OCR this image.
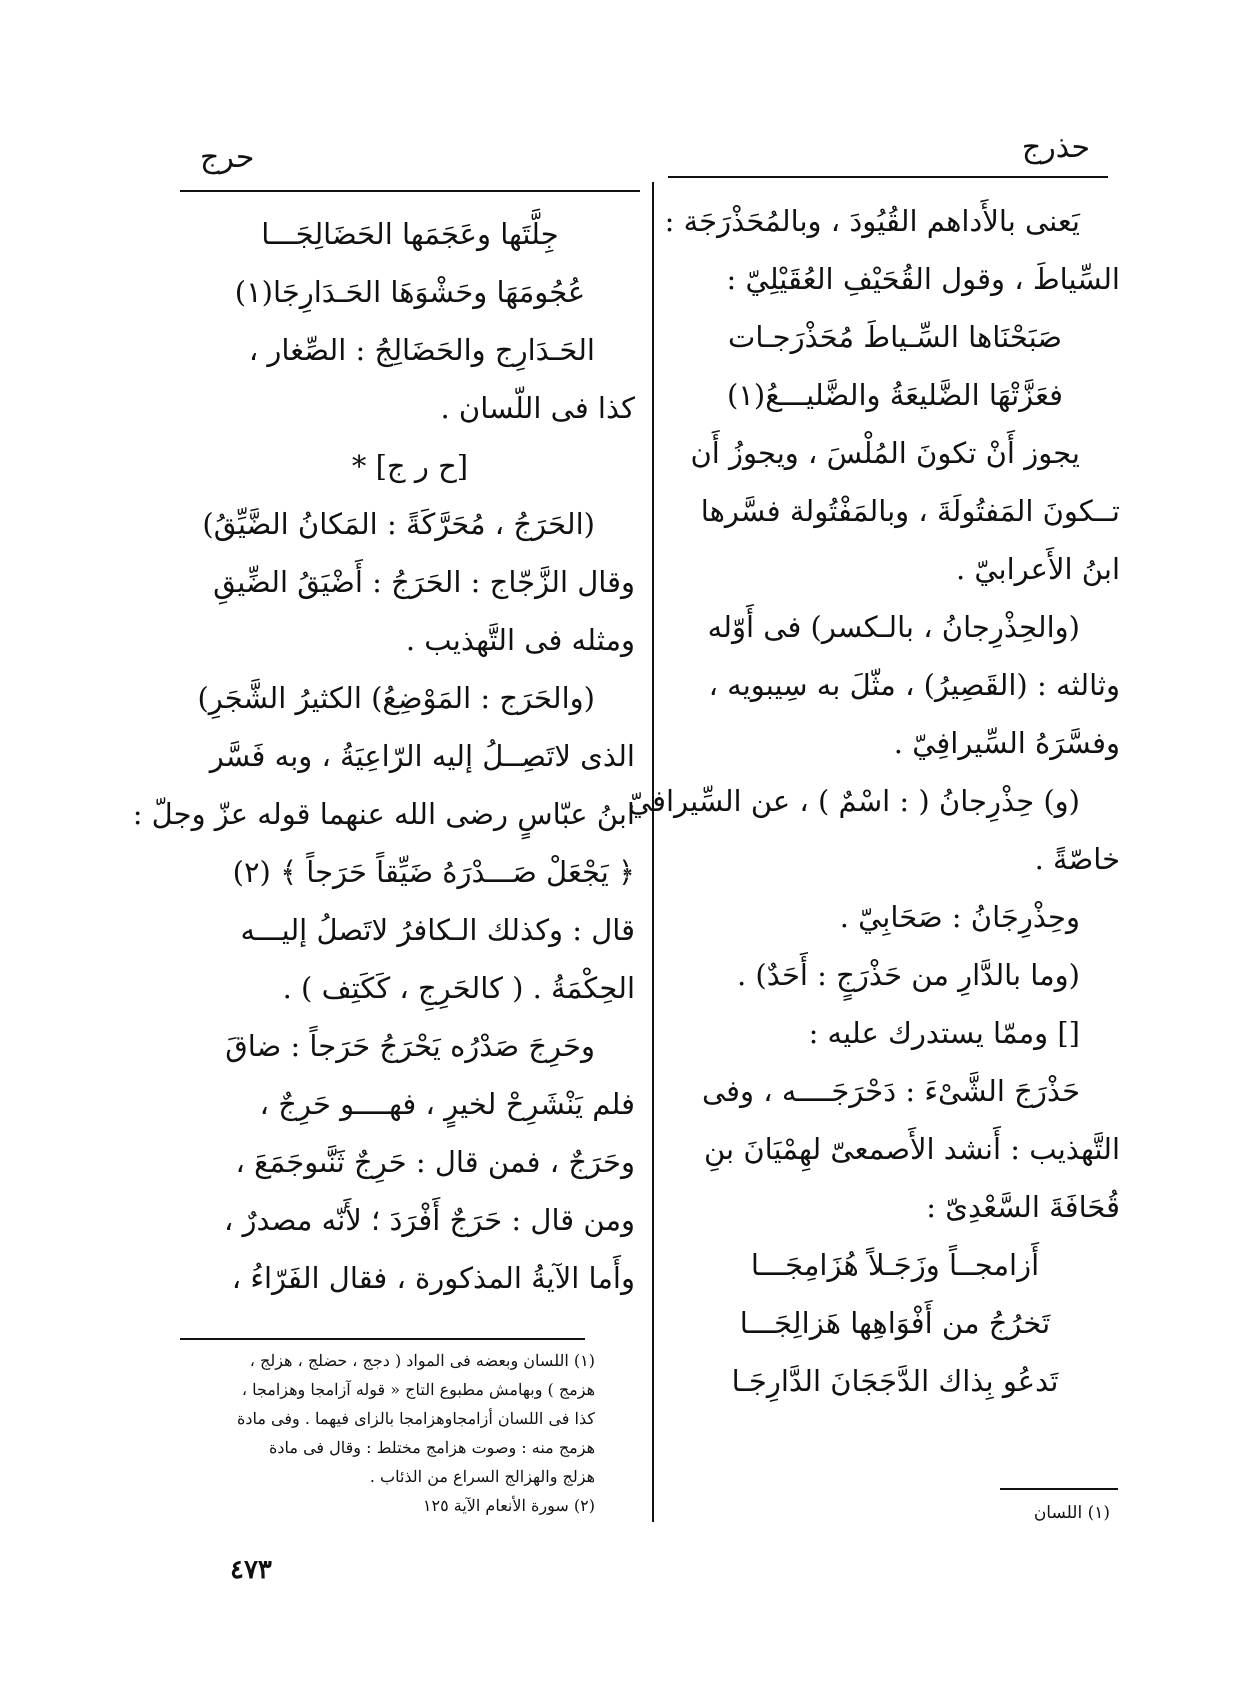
حذرج
حرج

يَعنى بالأَداهم القُيُودَ ، وبالمُحَذْرَجَة :

السِّياطَ ، وقول القُحَيْفِ العُقَيْلِيّ :

صَبَحْنَاها السِّـياطَ مُحَذْرَجـات

فعَزَّتْهَا الضَّليعَةُ والضَّليـــعُ(١)

يجوز أَنْ تكونَ المُلْسَ ، ويجوزُ أَن

تــكونَ المَفتُولَةَ ، وبالمَفْتُولة فسَّرها

ابنُ الأَعرابيّ .

(والحِذْرِجانُ ، بالـكسر) فى أَوّله

وثالثه : (القَصِيرُ) ، مثّلَ به سِيبويه ،

وفسَّرَهُ السِّيرافِيّ .

(و) حِذْرِجانُ ( : اسْمٌ ) ، عن السِّيرافيّ

خاصّةً .

وحِذْرِجَانُ : صَحَابِيّ .

(وما بالدَّارِ من حَذْرَجٍ : أَحَدٌ) .

[] وممّا يستدرك عليه :

حَذْرَجَ الشَّىْءَ : دَحْرَجَــــه ، وفى

التَّهذيب : أَنشد الأَصمعىّ لهِمْيَانَ بنِ

قُحَافَةَ السَّعْدِىّ :

أَزامجــاً وزَجَـلاً هُزَامِجَـــا

تَخرُجُ من أَفْوَاهِها هَزالِجَـــا

تَدعُو بِذاك الدَّجَجَانَ الدَّارِجَـا

جِلَّتَها وعَجَمَها الحَضَالِجَـــا

عُجُومَهَا وحَشْوَهَا الحَـدَارِجَا(١)

الحَـدَارِج والحَضَالِجُ : الصِّغار ،

كذا فى اللّسان .

[ح ر ج] *

(الحَرَجُ ، مُحَرَّكَةً : المَكانُ الضَّيِّقُ)

وقال الزَّجّاج : الحَرَجُ : أَضْيَقُ الضِّيقِ

ومثله فى التَّهذيب .

(والحَرَج : المَوْضِعُ) الكثيرُ الشَّجَرِ)

الذى لاتَصِــلُ إليه الرّاعِيَةُ ، وبه فَسَّر

ابنُ عبّاسٍ رضى الله عنهما قوله عزّ وجلّ :

﴿ يَجْعَلْ صَـــدْرَهُ ضَيِّقاً حَرَجاً ﴾ (٢)

قال : وكذلك الـكافرُ لاتَصلُ إليـــه

الحِكْمَةُ . ( كالحَرِجِ ، كَكَتِف ) .

وحَرِجَ صَدْرُه يَحْرَجُ حَرَجاً : ضاقَ

فلم يَنْشَرِحْ لخيرٍ ، فهــــو حَرِجٌ ،

وحَرَجٌ ، فمن قال : حَرِجٌ ثَنَّىوجَمَعَ ،

ومن قال : حَرَجٌ أَفْرَدَ ؛ لأَنّه مصدرٌ ،

وأَما الآيةُ المذكورة ، فقال الفَرّاءُ ،

(١) اللسان

(١) اللسان وبعضه فى المواد ( دجج ، حضلج ، هزلج ،

هزمج ) وبهامش مطبوع التاج « قوله آزامجا وهزامجا ،

كذا فى اللسان أزامجاوهزامجا بالزاى فيهما . وفى مادة

هزمج منه : وصوت هزامج مختلط : وقال فى مادة

هزلج والهزالج السراع من الذئاب .

(٢) سورة الأنعام الآية ١٢٥

٤٧٣
